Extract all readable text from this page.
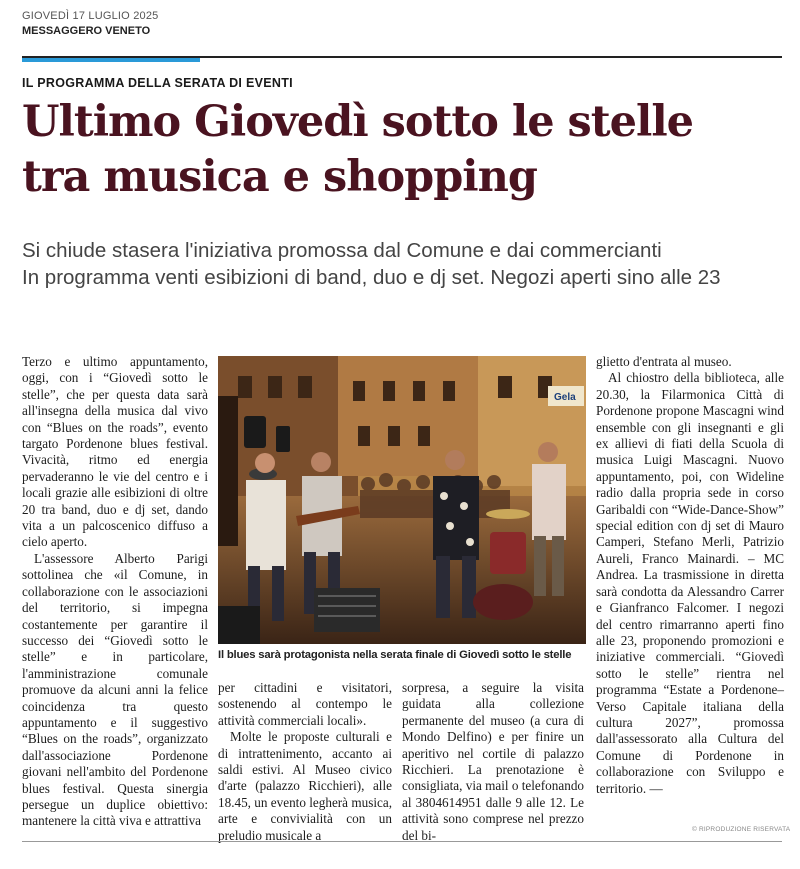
GIOVEDÌ 17 LUGLIO 2025
MESSAGGERO VENETO
IL PROGRAMMA DELLA SERATA DI EVENTI
Ultimo Giovedì sotto le stelle
tra musica e shopping
Si chiude stasera l'iniziativa promossa dal Comune e dai commercianti
In programma venti esibizioni di band, duo e dj set. Negozi aperti sino alle 23

Terzo e ultimo appuntamento, oggi, con i “Giovedì sotto le stelle”, che per questa data sarà all'insegna della musica dal vivo con “Blues on the roads”, evento targato Pordenone blues festival. Vivacità, ritmo ed energia pervaderanno le vie del centro e i locali grazie alle esibizioni di oltre 20 tra band, duo e dj set, dando vita a un palcoscenico diffuso a cielo aperto.

L'assessore Alberto Parigi sottolinea che «il Comune, in collaborazione con le associazioni del territorio, si impegna costantemente per garantire il successo dei “Giovedì sotto le stelle” e in particolare, l'amministrazione comunale promuove da alcuni anni la felice coincidenza tra questo appuntamento e il suggestivo “Blues on the roads”, organizzato dall'associazione Pordenone giovani nell'ambito del Pordenone blues festival. Questa sinergia persegue un duplice obiettivo: mantenere la città viva e attrattiva

Gela
Il blues sarà protagonista nella serata finale di Giovedì sotto le stelle

per cittadini e visitatori, sostenendo al contempo le attività commerciali locali».

Molte le proposte culturali e di intrattenimento, accanto ai saldi estivi. Al Museo civico d'arte (palazzo Ricchieri), alle 18.45, un evento legherà musica, arte e convivialità con un preludio musicale a

sorpresa, a seguire la visita guidata alla collezione permanente del museo (a cura di Mondo Delfino) e per finire un aperitivo nel cortile di palazzo Ricchieri. La prenotazione è consigliata, via mail o telefonando al 3804614951 dalle 9 alle 12. Le attività sono comprese nel prezzo del bi-

glietto d'entrata al museo.

Al chiostro della biblioteca, alle 20.30, la Filarmonica Città di Pordenone propone Mascagni wind ensemble con gli insegnanti e gli ex allievi di fiati della Scuola di musica Luigi Mascagni. Nuovo appuntamento, poi, con Wideline radio dalla propria sede in corso Garibaldi con “Wide-Dance-Show” special edition con dj set di Mauro Camperi, Stefano Merli, Patrizio Aureli, Franco Mainardi. – MC Andrea. La trasmissione in diretta sarà condotta da Alessandro Carrer e Gianfranco Falcomer. I negozi del centro rimarranno aperti fino alle 23, proponendo promozioni e iniziative commerciali. “Giovedì sotto le stelle” rientra nel programma “Estate a Pordenone–Verso Capitale italiana della cultura 2027”, promossa dall'assessorato alla Cultura del Comune di Pordenone in collaborazione con Sviluppo e territorio. —

© RIPRODUZIONE RISERVATA
